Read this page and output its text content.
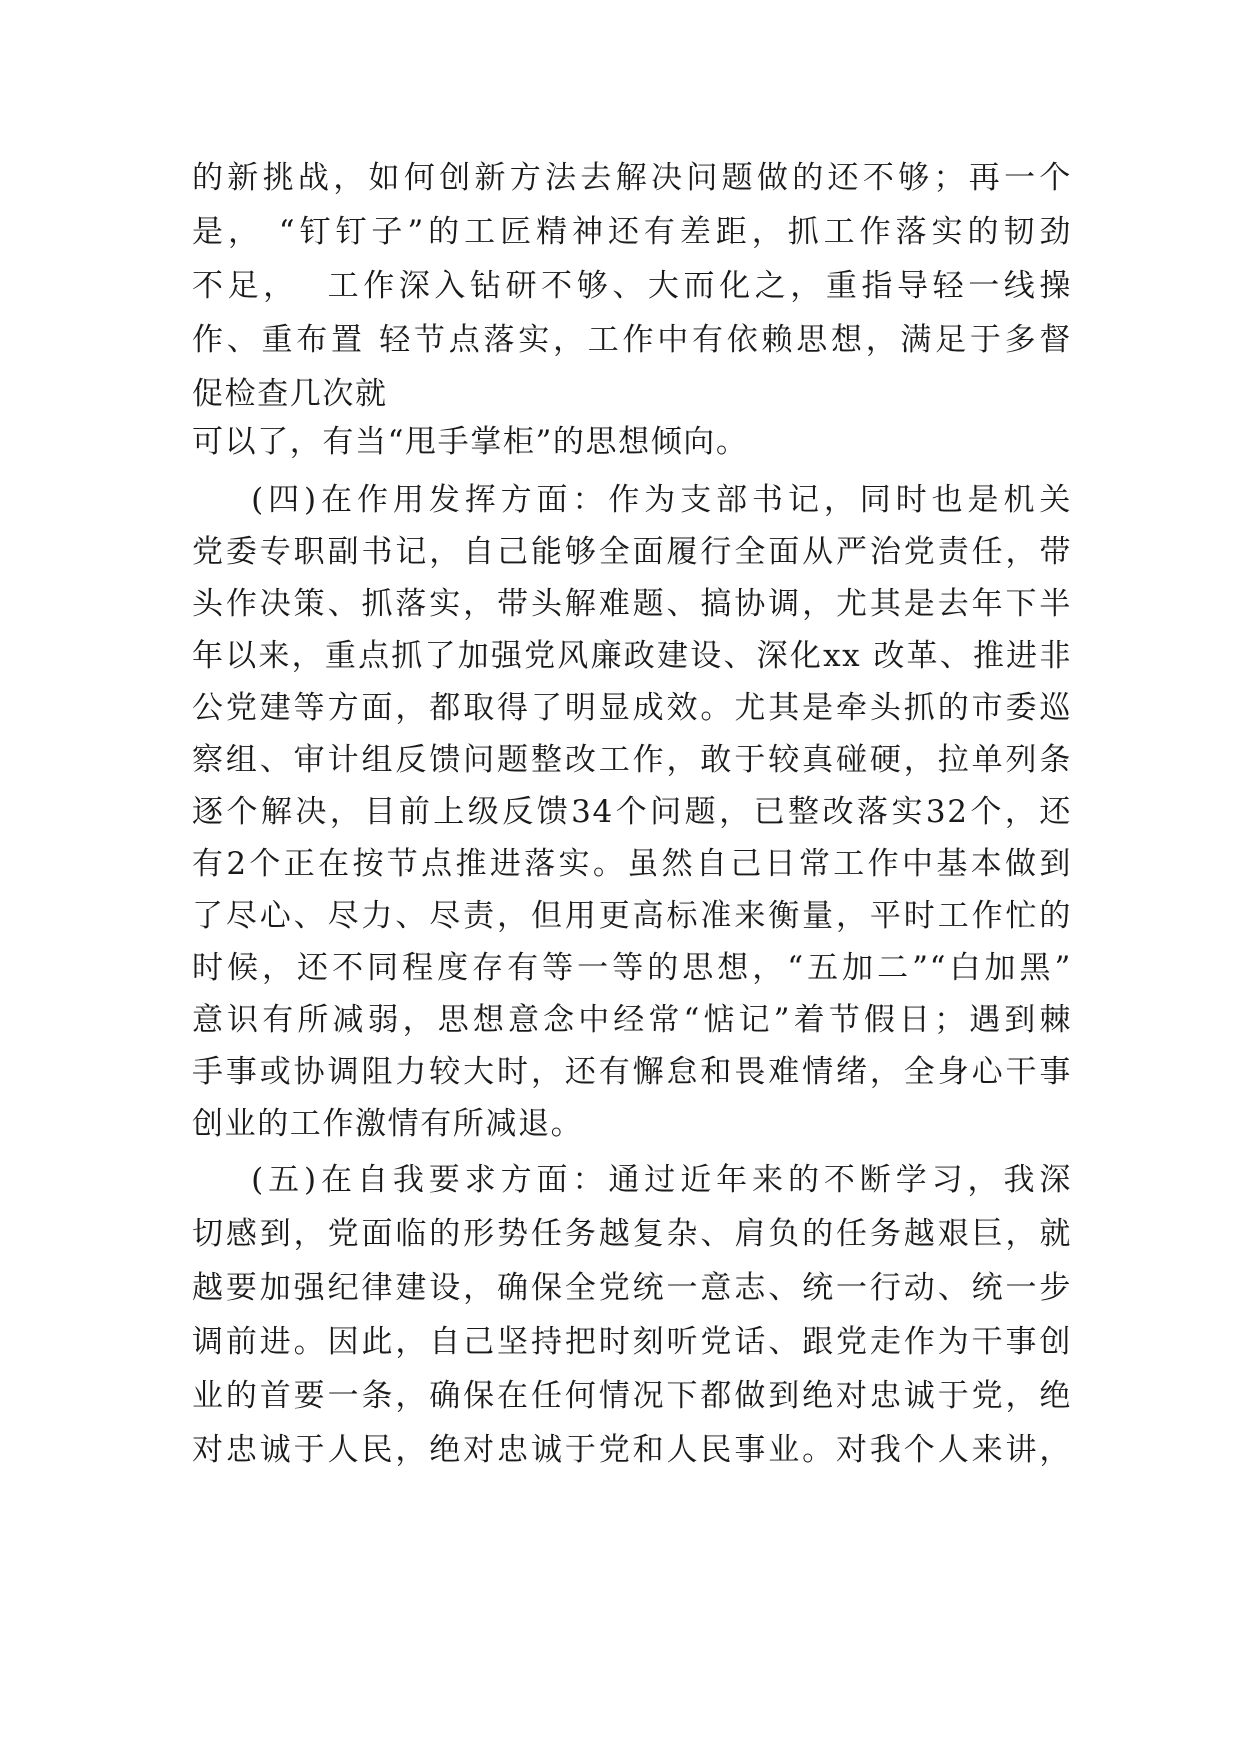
的新挑战，如何创新方法去解决问题做的还不够；再一个
是， “钉钉子”的工匠精神还有差距，抓工作落实的韧劲
不足，  工作深入钻研不够、大而化之，重指导轻一线操
作、重布置 轻节点落实，工作中有依赖思想，满足于多督
促检查几次就
可以了，有当“甩手掌柜”的思想倾向。
(四)在作用发挥方面：作为支部书记，同时也是机关
党委专职副书记，自己能够全面履行全面从严治党责任，带
头作决策、抓落实，带头解难题、搞协调，尤其是去年下半
年以来，重点抓了加强党风廉政建设、深化xx 改革、推进非
公党建等方面，都取得了明显成效。尤其是牵头抓的市委巡
察组、审计组反馈问题整改工作，敢于较真碰硬，拉单列条
逐个解决，目前上级反馈34个问题，已整改落实32个，还
有2个正在按节点推进落实。虽然自己日常工作中基本做到
了尽心、尽力、尽责，但用更高标准来衡量，平时工作忙的
时候，还不同程度存有等一等的思想，“五加二”“白加黑”
意识有所减弱，思想意念中经常“惦记”着节假日；遇到棘
手事或协调阻力较大时，还有懈怠和畏难情绪，全身心干事
创业的工作激情有所减退。
(五)在自我要求方面：通过近年来的不断学习，我深
切感到，党面临的形势任务越复杂、肩负的任务越艰巨，就
越要加强纪律建设，确保全党统一意志、统一行动、统一步
调前进。因此，自己坚持把时刻听党话、跟党走作为干事创
业的首要一条，确保在任何情况下都做到绝对忠诚于党，绝
对忠诚于人民，绝对忠诚于党和人民事业。对我个人来讲，
